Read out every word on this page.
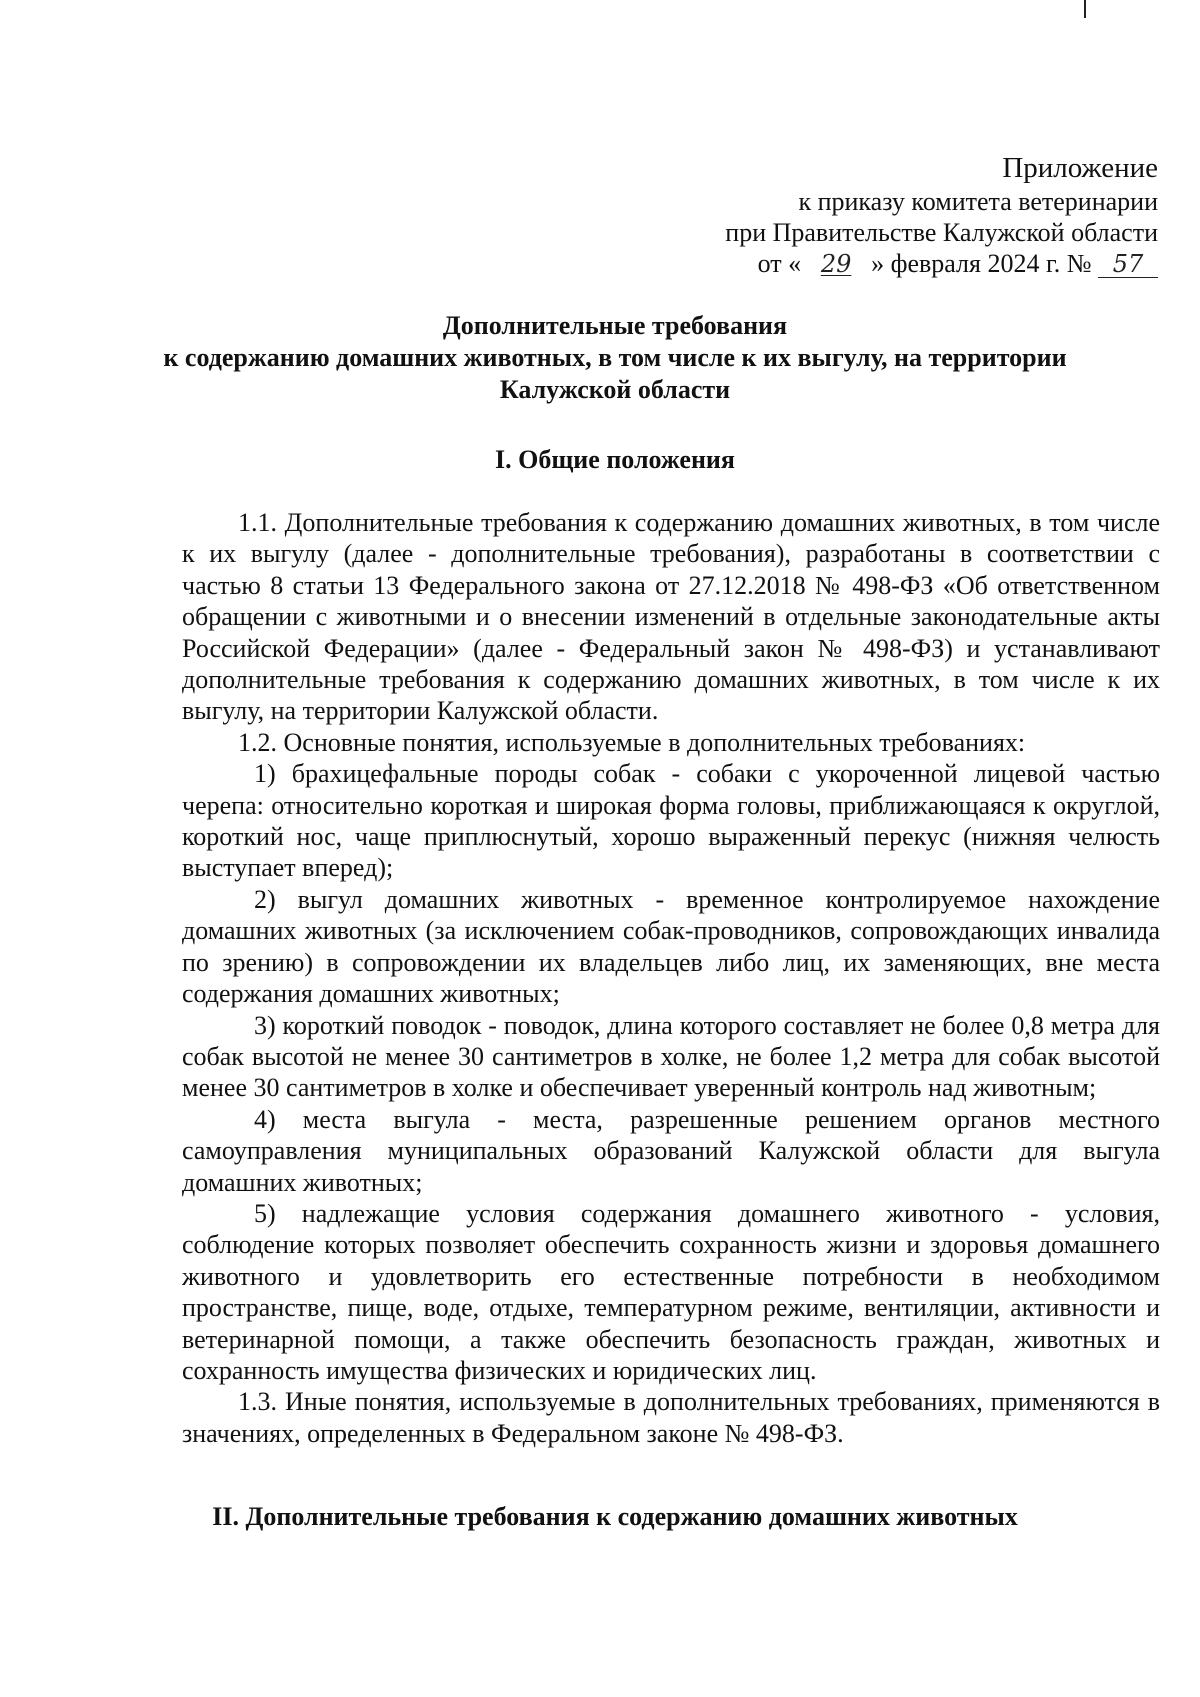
Приложение
к приказу комитета ветеринарии
при Правительстве Калужской области
от « 29 » февраля 2024 г. № 57
Дополнительные требования
к содержанию домашних животных, в том числе к их выгулу, на территории
Калужской области
I. Общие положения

1.1. Дополнительные требования к содержанию домашних животных, в том числе к их выгулу (далее - дополнительные требования), разработаны в соответствии с частью 8 статьи 13 Федерального закона от 27.12.2018 № 498-ФЗ «Об ответственном обращении с животными и о внесении изменений в отдельные законодательные акты Российской Федерации» (далее - Федеральный закон № 498-ФЗ) и устанавливают дополнительные требования к содержанию домашних животных, в том числе к их выгулу, на территории Калужской области.

1.2. Основные понятия, используемые в дополнительных требованиях:

1) брахицефальные породы собак - собаки с укороченной лицевой частью черепа: относительно короткая и широкая форма головы, приближающаяся к округлой, короткий нос, чаще приплюснутый, хорошо выраженный перекус (нижняя челюсть выступает вперед);

2) выгул домашних животных - временное контролируемое нахождение домашних животных (за исключением собак-проводников, сопровождающих инвалида по зрению) в сопровождении их владельцев либо лиц, их заменяющих, вне места содержания домашних животных;

3) короткий поводок - поводок, длина которого составляет не более 0,8 метра для собак высотой не менее 30 сантиметров в холке, не более 1,2 метра для собак высотой менее 30 сантиметров в холке и обеспечивает уверенный контроль над животным;

4) места выгула - места, разрешенные решением органов местного самоуправления муниципальных образований Калужской области для выгула домашних животных;

5) надлежащие условия содержания домашнего животного - условия, соблюдение которых позволяет обеспечить сохранность жизни и здоровья домашнего животного и удовлетворить его естественные потребности в необходимом пространстве, пище, воде, отдыхе, температурном режиме, вентиляции, активности и ветеринарной помощи, а также обеспечить безопасность граждан, животных и сохранность имущества физических и юридических лиц.

1.3. Иные понятия, используемые в дополнительных требованиях, применяются в значениях, определенных в Федеральном законе № 498-ФЗ.

II. Дополнительные требования к содержанию домашних животных
